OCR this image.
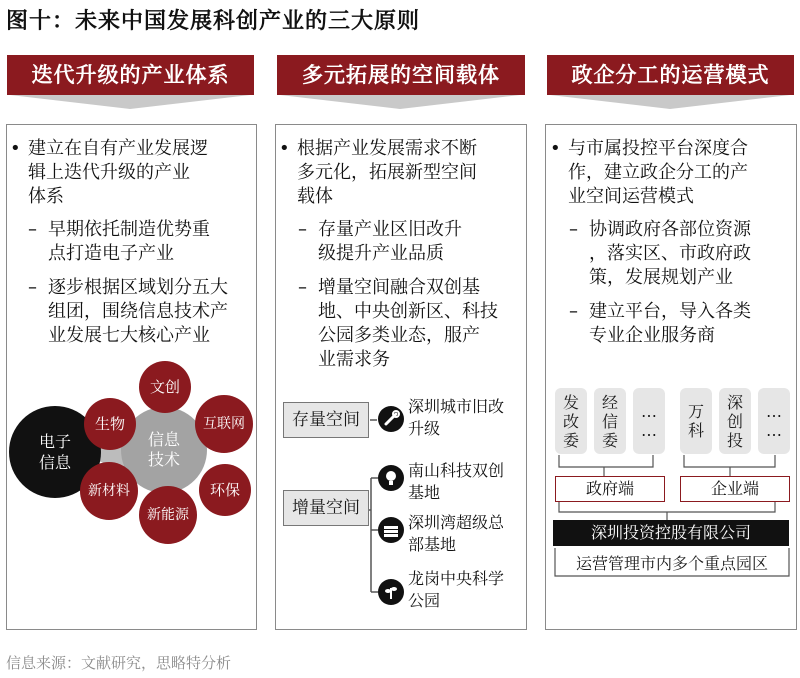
图十：未来中国发展科创产业的三大原则
迭代升级的产业体系	多元拓展的空间载体	政企分工的运营模式
• 建立在自有产业发展逻
辑上迭代升级的产业
体系
– 早期依托制造优势重
点打造电子产业
– 逐步根据区域划分五大
组团，围绕信息技术产
业发展七大核心产业
电子
信息
信息
技术
文创
互联网
环保
新能源
新材料
生物
• 根据产业发展需求不断
多元化，拓展新型空间
载体
– 存量产业区旧改升
级提升产业品质
– 增量空间融合双创基
地、中央创新区、科技
公园多类业态，服产
业需求务
存量空间
深圳城市旧改
升级
增量空间
南山科技双创
基地
深圳湾超级总
部基地
龙岗中央科学
公园
• 与市属投控平台深度合
作，建立政企分工的产
业空间运营模式
– 协调政府各部位资源
，落实区、市政府政
策，发展规划产业
– 建立平台，导入各类
专业企业服务商
发
改
委
经
信
委
…
…
万
科
深
创
投
…
…
政府端	企业端
深圳投资控股有限公司
运营管理市内多个重点园区
信息来源：文献研究，思略特分析
